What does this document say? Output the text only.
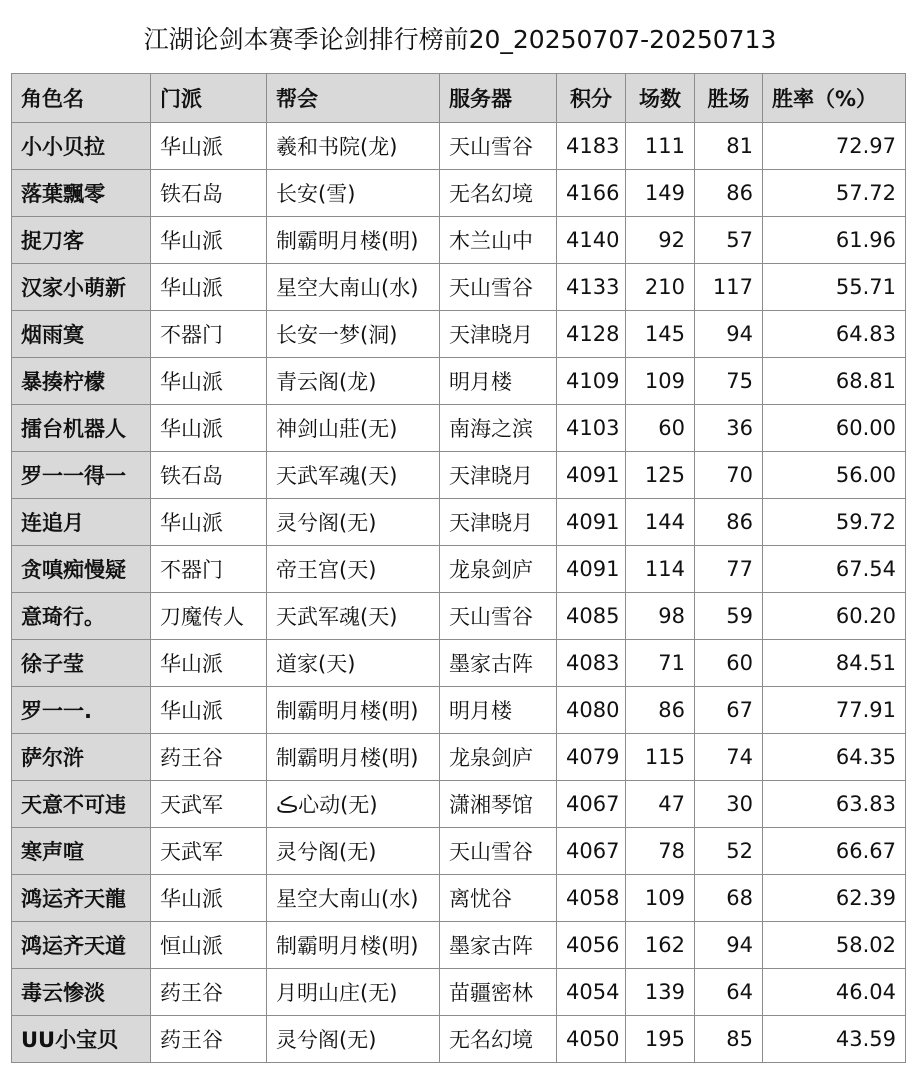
江湖论剑本赛季论剑排行榜前20_20250707-20250713
角色名	门派	帮会	服务器	积分	场数	胜场	胜率（%）
小小贝拉	华山派	羲和书院(龙)	天山雪谷	4183	111	81	72.97
落葉飄零	铁石岛	长安(雪)	无名幻境	4166	149	86	57.72
捉刀客	华山派	制霸明月楼(明)	木兰山中	4140	92	57	61.96
汉家小萌新	华山派	星空大南山(水)	天山雪谷	4133	210	117	55.71
烟雨寞	不器门	长安一梦(洞)	天津晓月	4128	145	94	64.83
暴揍柠檬	华山派	青云阁(龙)	明月楼	4109	109	75	68.81
擂台机器人	华山派	神剑山莊(无)	南海之滨	4103	60	36	60.00
罗一一得一	铁石岛	天武军魂(天)	天津晓月	4091	125	70	56.00
连追月	华山派	灵兮阁(无)	天津晓月	4091	144	86	59.72
贪嗔痴慢疑	不器门	帝王宫(天)	龙泉剑庐	4091	114	77	67.54
意琦行。	刀魔传人	天武军魂(天)	天山雪谷	4085	98	59	60.20
徐子莹	华山派	道家(天)	墨家古阵	4083	71	60	84.51
罗一一.	华山派	制霸明月楼(明)	明月楼	4080	86	67	77.91
萨尔浒	药王谷	制霸明月楼(明)	龙泉剑庐	4079	115	74	64.35
天意不可违	天武军	ڪ心动(无)	潇湘琴馆	4067	47	30	63.83
寒声喧	天武军	灵兮阁(无)	天山雪谷	4067	78	52	66.67
鸿运齐天龍	华山派	星空大南山(水)	离忧谷	4058	109	68	62.39
鸿运齐天道	恒山派	制霸明月楼(明)	墨家古阵	4056	162	94	58.02
毒云惨淡	药王谷	月明山庄(无)	苗疆密林	4054	139	64	46.04
UU小宝贝	药王谷	灵兮阁(无)	无名幻境	4050	195	85	43.59
